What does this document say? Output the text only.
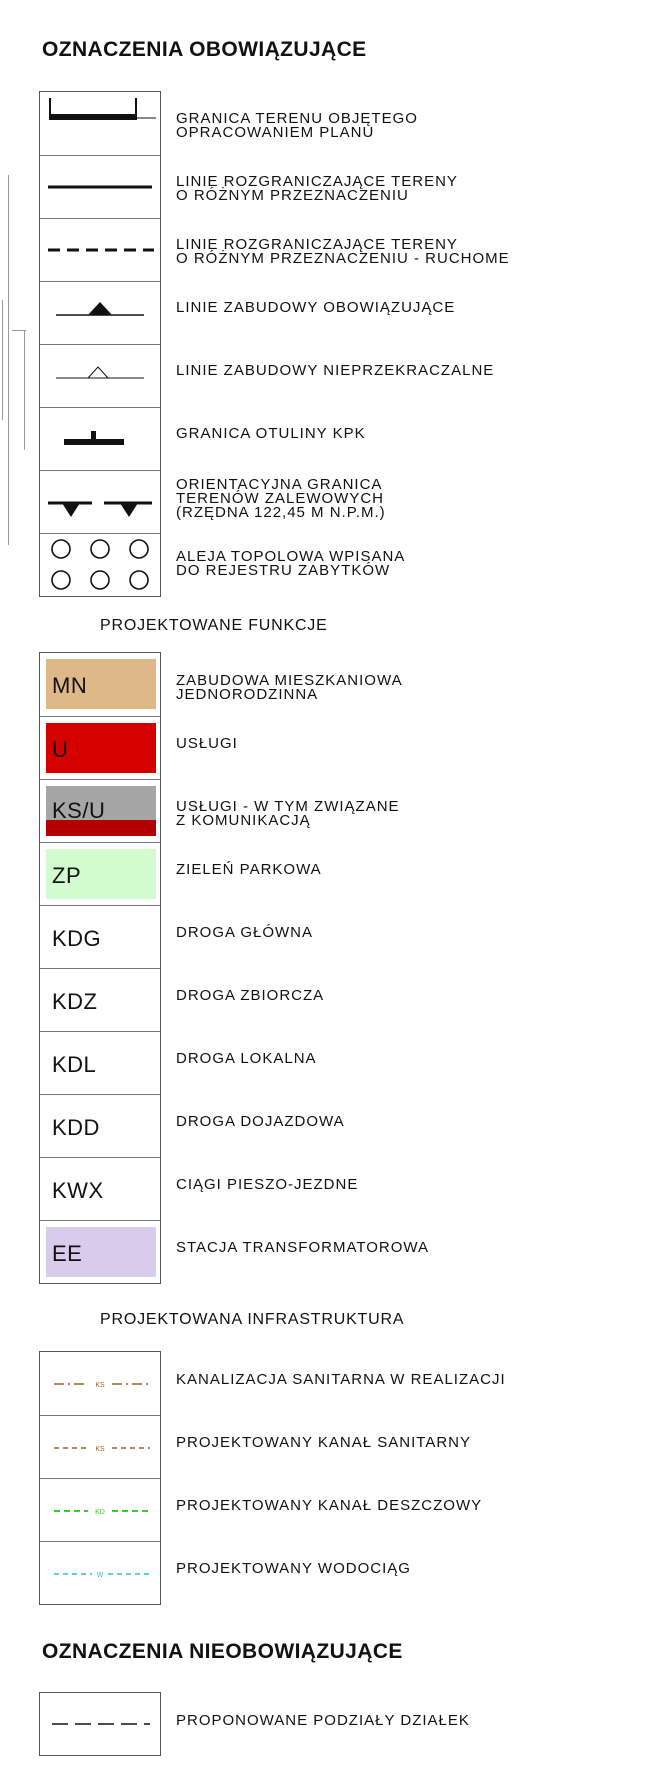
OZNACZENIA OBOWIĄZUJĄCE
GRANICA TERENU OBJĘTEGO
OPRACOWANIEM PLANU
LINIE ROZGRANICZAJĄCE TERENY
O RÓŻNYM PRZEZNACZENIU
LINIE ROZGRANICZAJĄCE TERENY
O RÓŻNYM PRZEZNACZENIU - RUCHOME
LINIE ZABUDOWY OBOWIĄZUJĄCE
LINIE ZABUDOWY NIEPRZEKRACZALNE
GRANICA OTULINY KPK
ORIENTACYJNA GRANICA
TERENÓW ZALEWOWYCH
(RZĘDNA 122,45 M N.P.M.)
ALEJA TOPOLOWA WPISANA
DO REJESTRU ZABYTKÓW
PROJEKTOWANE FUNKCJE
MN
U
KS/U
ZP
KDG
KDZ
KDL
KDD
KWX
EE
ZABUDOWA MIESZKANIOWA
JEDNORODZINNA
USŁUGI
USŁUGI - W TYM ZWIĄZANE
Z KOMUNIKACJĄ
ZIELEŃ PARKOWA
DROGA GŁÓWNA
DROGA ZBIORCZA
DROGA LOKALNA
DROGA DOJAZDOWA
CIĄGI PIESZO-JEZDNE
STACJA TRANSFORMATOROWA
PROJEKTOWANA INFRASTRUKTURA
KS
KS
KD
W
KANALIZACJA SANITARNA W REALIZACJI
PROJEKTOWANY KANAŁ SANITARNY
PROJEKTOWANY KANAŁ DESZCZOWY
PROJEKTOWANY WODOCIĄG
OZNACZENIA NIEOBOWIĄZUJĄCE
PROPONOWANE PODZIAŁY DZIAŁEK
